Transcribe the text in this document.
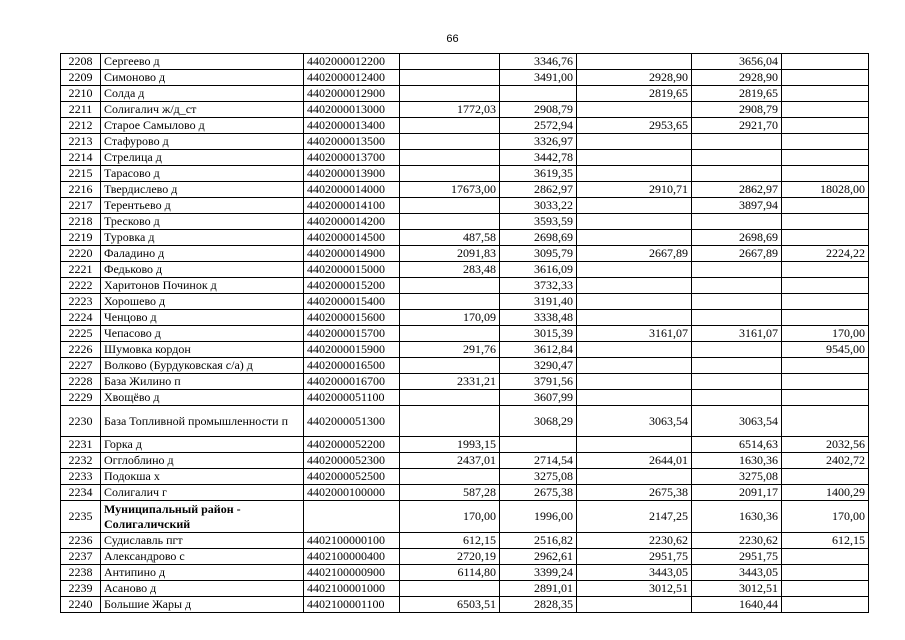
66
2208	Сергеево д	4402000012200		3346,76		3656,04	
2209	Симоново д	4402000012400		3491,00	2928,90	2928,90	
2210	Солда д	4402000012900			2819,65	2819,65	
2211	Солигалич ж/д_ст	4402000013000	1772,03	2908,79		2908,79	
2212	Старое Самылово д	4402000013400		2572,94	2953,65	2921,70	
2213	Стафурово д	4402000013500		3326,97			
2214	Стрелица д	4402000013700		3442,78			
2215	Тарасово д	4402000013900		3619,35			
2216	Твердислево д	4402000014000	17673,00	2862,97	2910,71	2862,97	18028,00
2217	Терентьево д	4402000014100		3033,22		3897,94	
2218	Тресково д	4402000014200		3593,59			
2219	Туровка д	4402000014500	487,58	2698,69		2698,69	
2220	Фаладино д	4402000014900	2091,83	3095,79	2667,89	2667,89	2224,22
2221	Федьково д	4402000015000	283,48	3616,09			
2222	Харитонов Починок д	4402000015200		3732,33			
2223	Хорошево д	4402000015400		3191,40			
2224	Ченцово д	4402000015600	170,09	3338,48			
2225	Чепасово д	4402000015700		3015,39	3161,07	3161,07	170,00
2226	Шумовка кордон	4402000015900	291,76	3612,84			9545,00
2227	Волково (Бурдуковская с/а) д	4402000016500		3290,47			
2228	База Жилино п	4402000016700	2331,21	3791,56			
2229	Хвощёво д	4402000051100		3607,99			
2230	База Топливной промышленности п	4402000051300		3068,29	3063,54	3063,54	
2231	Горка д	4402000052200	1993,15			6514,63	2032,56
2232	Огглоблино д	4402000052300	2437,01	2714,54	2644,01	1630,36	2402,72
2233	Подокша х	4402000052500		3275,08		3275,08	
2234	Солигалич г	4402000100000	587,28	2675,38	2675,38	2091,17	1400,29
2235	Муниципальный район - Солигаличский		170,00	1996,00	2147,25	1630,36	170,00
2236	Судиславль пгт	4402100000100	612,15	2516,82	2230,62	2230,62	612,15
2237	Александрово с	4402100000400	2720,19	2962,61	2951,75	2951,75	
2238	Антипино д	4402100000900	6114,80	3399,24	3443,05	3443,05	
2239	Асаново д	4402100001000		2891,01	3012,51	3012,51	
2240	Большие Жары д	4402100001100	6503,51	2828,35		1640,44	
